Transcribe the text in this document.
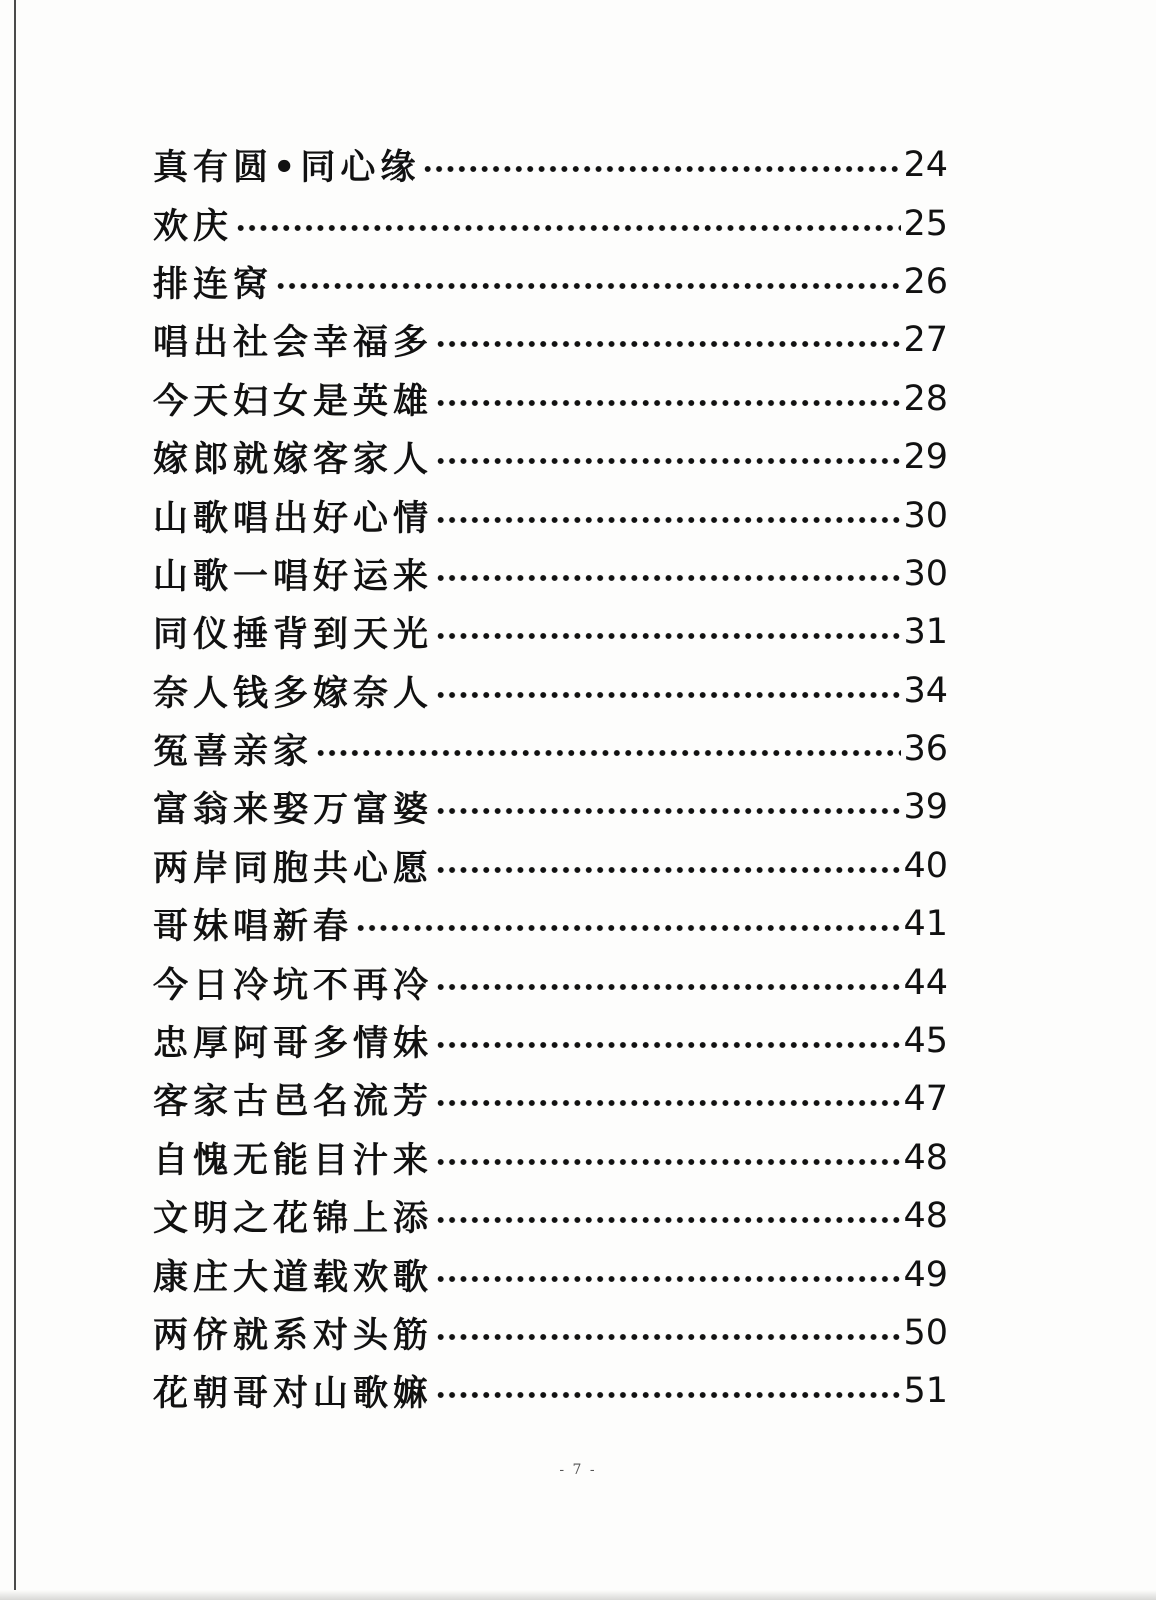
真有圆•同心缘	24
欢庆	25
排连窝	26
唱出社会幸福多	27
今天妇女是英雄	28
嫁郎就嫁客家人	29
山歌唱出好心情	30
山歌一唱好运来	30
同仪捶背到天光	31
奈人钱多嫁奈人	34
冤喜亲家	36
富翁来娶万富婆	39
两岸同胞共心愿	40
哥妹唱新春	41
今日冷坑不再冷	44
忠厚阿哥多情妹	45
客家古邑名流芳	47
自愧无能目汁来	48
文明之花锦上添	48
康庄大道载欢歌	49
两侪就系对头筋	50
花朝哥对山歌嫲	51
- 7 -
